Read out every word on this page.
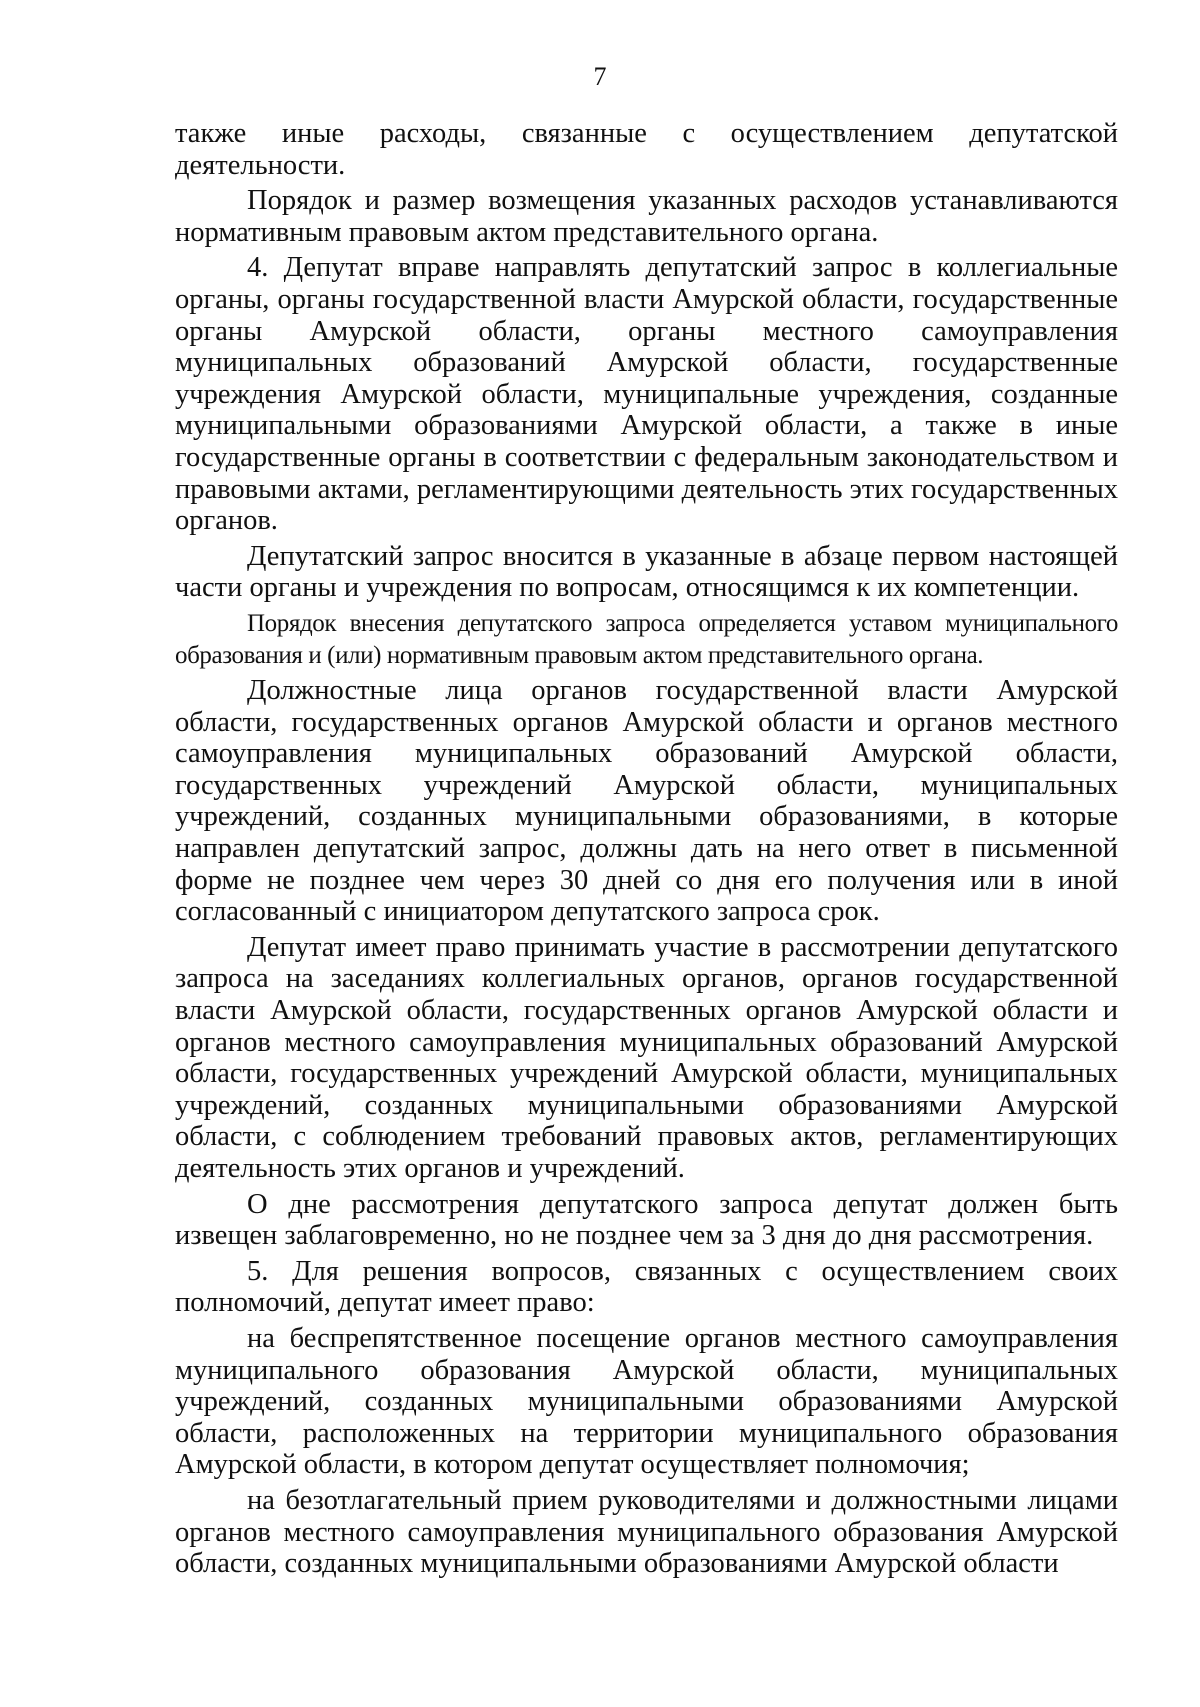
7

также иные расходы, связанные с осуществлением депутатской деятельности.

Порядок и размер возмещения указанных расходов устанавливаются нормативным правовым актом представительного органа.

4. Депутат вправе направлять депутатский запрос в коллегиальные органы, органы государственной власти Амурской области, государственные органы Амурской области, органы местного самоуправления муниципальных образований Амурской области, государственные учреждения Амурской области, муниципальные учреждения, созданные муниципальными образованиями Амурской области, а также в иные государственные органы в соответствии с федеральным законодательством и правовыми актами, регламентирующими деятельность этих государственных органов.

Депутатский запрос вносится в указанные в абзаце первом настоящей части органы и учреждения по вопросам, относящимся к их компетенции.

Порядок внесения депутатского запроса определяется уставом муниципального образования и (или) нормативным правовым актом представительного органа.

Должностные лица органов государственной власти Амурской области, государственных органов Амурской области и органов местного самоуправления муниципальных образований Амурской области, государственных учреждений Амурской области, муниципальных учреждений, созданных муниципальными образованиями, в которые направлен депутатский запрос, должны дать на него ответ в письменной форме не позднее чем через 30 дней со дня его получения или в иной согласованный с инициатором депутатского запроса срок.

Депутат имеет право принимать участие в рассмотрении депутатского запроса на заседаниях коллегиальных органов, органов государственной власти Амурской области, государственных органов Амурской области и органов местного самоуправления муниципальных образований Амурской области, государственных учреждений Амурской области, муниципальных учреждений, созданных муниципальными образованиями Амурской области, с соблюдением требований правовых актов, регламентирующих деятельность этих органов и учреждений.

О дне рассмотрения депутатского запроса депутат должен быть извещен заблаговременно, но не позднее чем за 3 дня до дня рассмотрения.

5. Для решения вопросов, связанных с осуществлением своих полномочий, депутат имеет право:

на беспрепятственное посещение органов местного самоуправления муниципального образования Амурской области, муниципальных учреждений, созданных муниципальными образованиями Амурской области, расположенных на территории муниципального образования Амурской области, в котором депутат осуществляет полномочия;

на безотлагательный прием руководителями и должностными лицами органов местного самоуправления муниципального образования Амурской области, созданных муниципальными образованиями Амурской области
